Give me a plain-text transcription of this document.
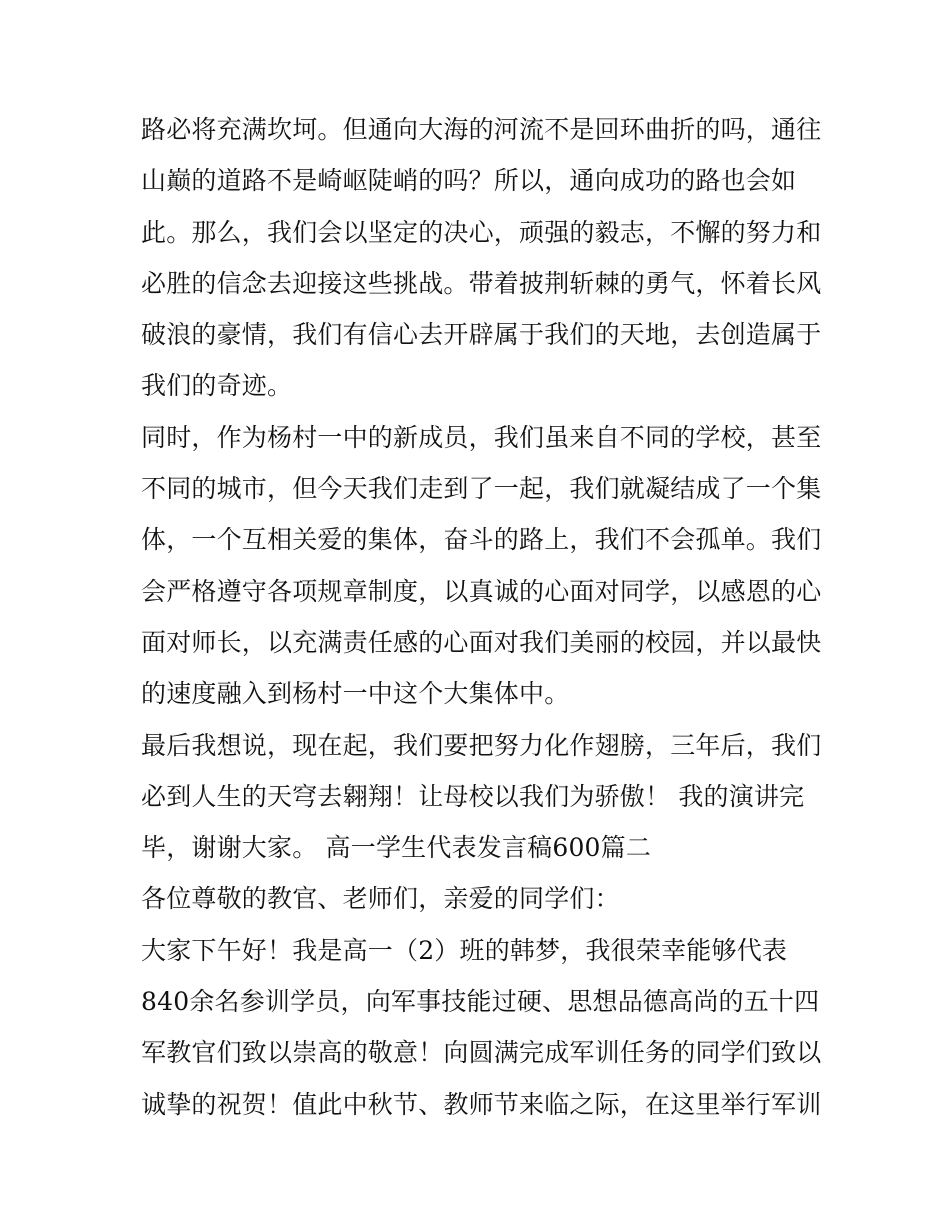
路必将充满坎坷。但通向大海的河流不是回环曲折的吗，通往
山巅的道路不是崎岖陡峭的吗？所以，通向成功的路也会如
此。那么，我们会以坚定的决心，顽强的毅志，不懈的努力和
必胜的信念去迎接这些挑战。带着披荆斩棘的勇气，怀着长风
破浪的豪情，我们有信心去开辟属于我们的天地，去创造属于
我们的奇迹。
同时，作为杨村一中的新成员，我们虽来自不同的学校，甚至
不同的城市，但今天我们走到了一起，我们就凝结成了一个集
体，一个互相关爱的集体，奋斗的路上，我们不会孤单。我们
会严格遵守各项规章制度，以真诚的心面对同学，以感恩的心
面对师长，以充满责任感的心面对我们美丽的校园，并以最快
的速度融入到杨村一中这个大集体中。
最后我想说，现在起，我们要把努力化作翅膀，三年后，我们
必到人生的天穹去翱翔！让母校以我们为骄傲！ 我的演讲完
毕，谢谢大家。 高一学生代表发言稿600篇二
各位尊敬的教官、老师们，亲爱的同学们：
大家下午好！我是高一（2）班的韩梦，我很荣幸能够代表
840余名参训学员，向军事技能过硬、思想品德高尚的五十四
军教官们致以崇高的敬意！向圆满完成军训任务的同学们致以
诚挚的祝贺！值此中秋节、教师节来临之际，在这里举行军训
